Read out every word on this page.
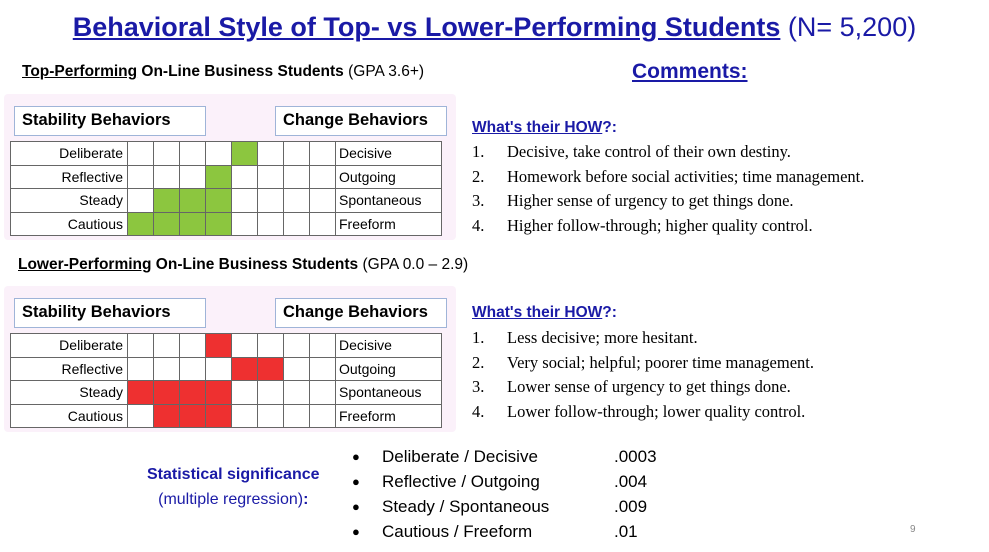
Behavioral Style of Top- vs Lower-Performing Students (N= 5,200)
Top-Performing On-Line Business Students (GPA 3.6+)	Comments:
Stability Behaviors	Change Behaviors
Deliberate									Decisive
Reflective									Outgoing
Steady									Spontaneous
Cautious									Freeform
What's their HOW?:
1.	Decisive, take control of their own destiny.
2.	Homework before social activities; time management.
3.	Higher sense of urgency to get things done.
4.	Higher follow-through; higher quality control.
Lower-Performing On-Line Business Students (GPA 0.0 – 2.9)
Stability Behaviors	Change Behaviors
Deliberate									Decisive
Reflective									Outgoing
Steady									Spontaneous
Cautious									Freeform
What's their HOW?:
1.	Less decisive; more hesitant.
2.	Very social; helpful; poorer time management.
3.	Lower sense of urgency to get things done.
4.	Lower follow-through; lower quality control.
Statistical significance
(multiple regression):
●	Deliberate / Decisive	.0003
●	Reflective / Outgoing	.004
●	Steady / Spontaneous	.009
●	Cautious / Freeform	.01	9
